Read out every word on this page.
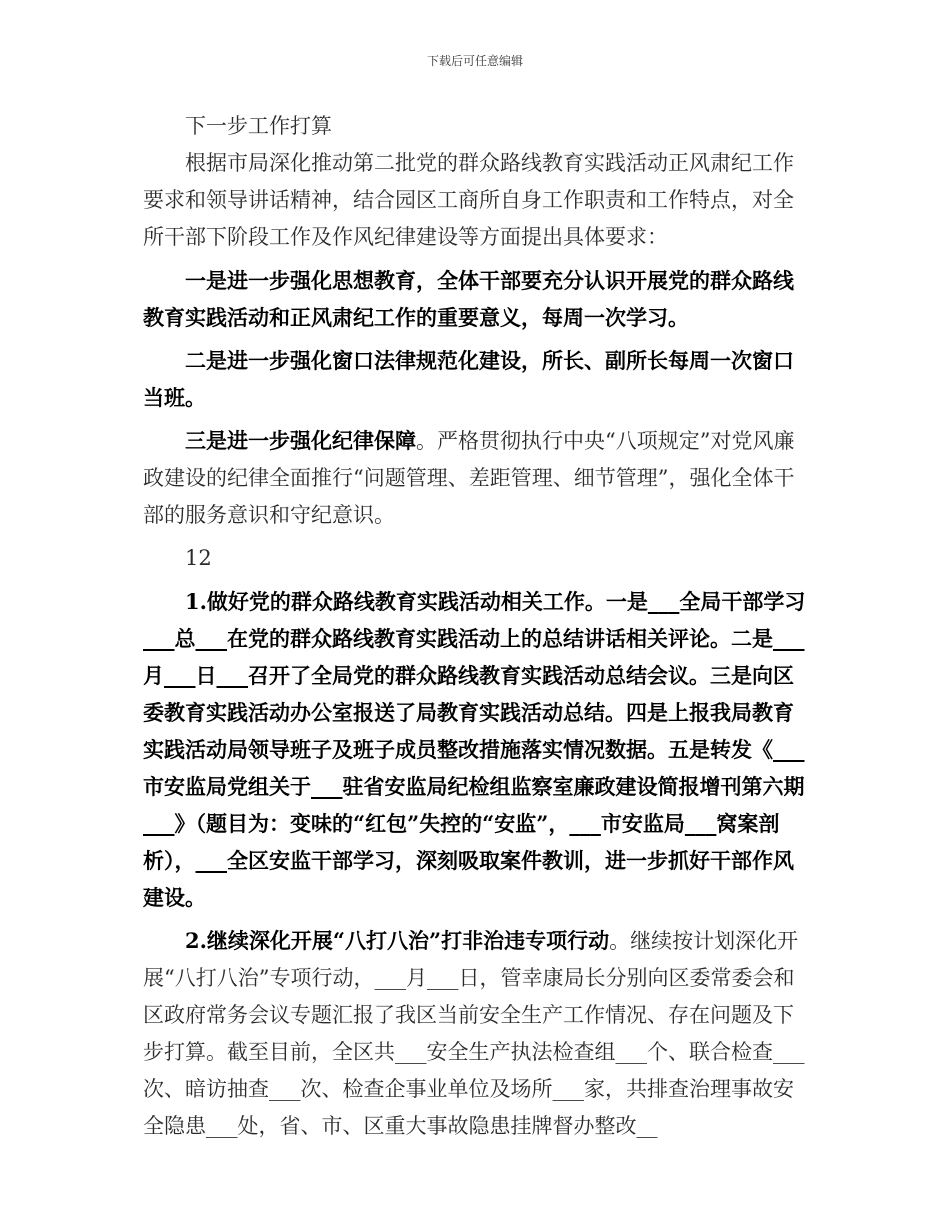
下载后可任意编辑

下一步工作打算

根据市局深化推动第二批党的群众路线教育实践活动正风肃纪工作要求和领导讲话精神，结合园区工商所自身工作职责和工作特点，对全所干部下阶段工作及作风纪律建设等方面提出具体要求：

一是进一步强化思想教育，全体干部要充分认识开展党的群众路线教育实践活动和正风肃纪工作的重要意义，每周一次学习。

二是进一步强化窗口法律规范化建设，所长、副所长每周一次窗口当班。

三是进一步强化纪律保障。严格贯彻执行中央“八项规定”对党风廉政建设的纪律全面推行“问题管理、差距管理、细节管理”，强化全体干部的服务意识和守纪意识。

12

1.做好党的群众路线教育实践活动相关工作。一是___全局干部学习___总___在党的群众路线教育实践活动上的总结讲话相关评论。二是___月___日___召开了全局党的群众路线教育实践活动总结会议。三是向区委教育实践活动办公室报送了局教育实践活动总结。四是上报我局教育实践活动局领导班子及班子成员整改措施落实情况数据。五是转发《___市安监局党组关于___驻省安监局纪检组监察室廉政建设简报增刊第六期___》（题目为：变味的“红包”失控的“安监”，___市安监局___窝案剖析），___全区安监干部学习，深刻吸取案件教训，进一步抓好干部作风建设。

2.继续深化开展“八打八治”打非治违专项行动。继续按计划深化开展“八打八治”专项行动，___月___日，管幸康局长分别向区委常委会和区政府常务会议专题汇报了我区当前安全生产工作情况、存在问题及下步打算。截至目前，全区共___安全生产执法检查组___个、联合检查___次、暗访抽查___次、检查企事业单位及场所___家，共排查治理事故安全隐患___处，省、市、区重大事故隐患挂牌督办整改__
